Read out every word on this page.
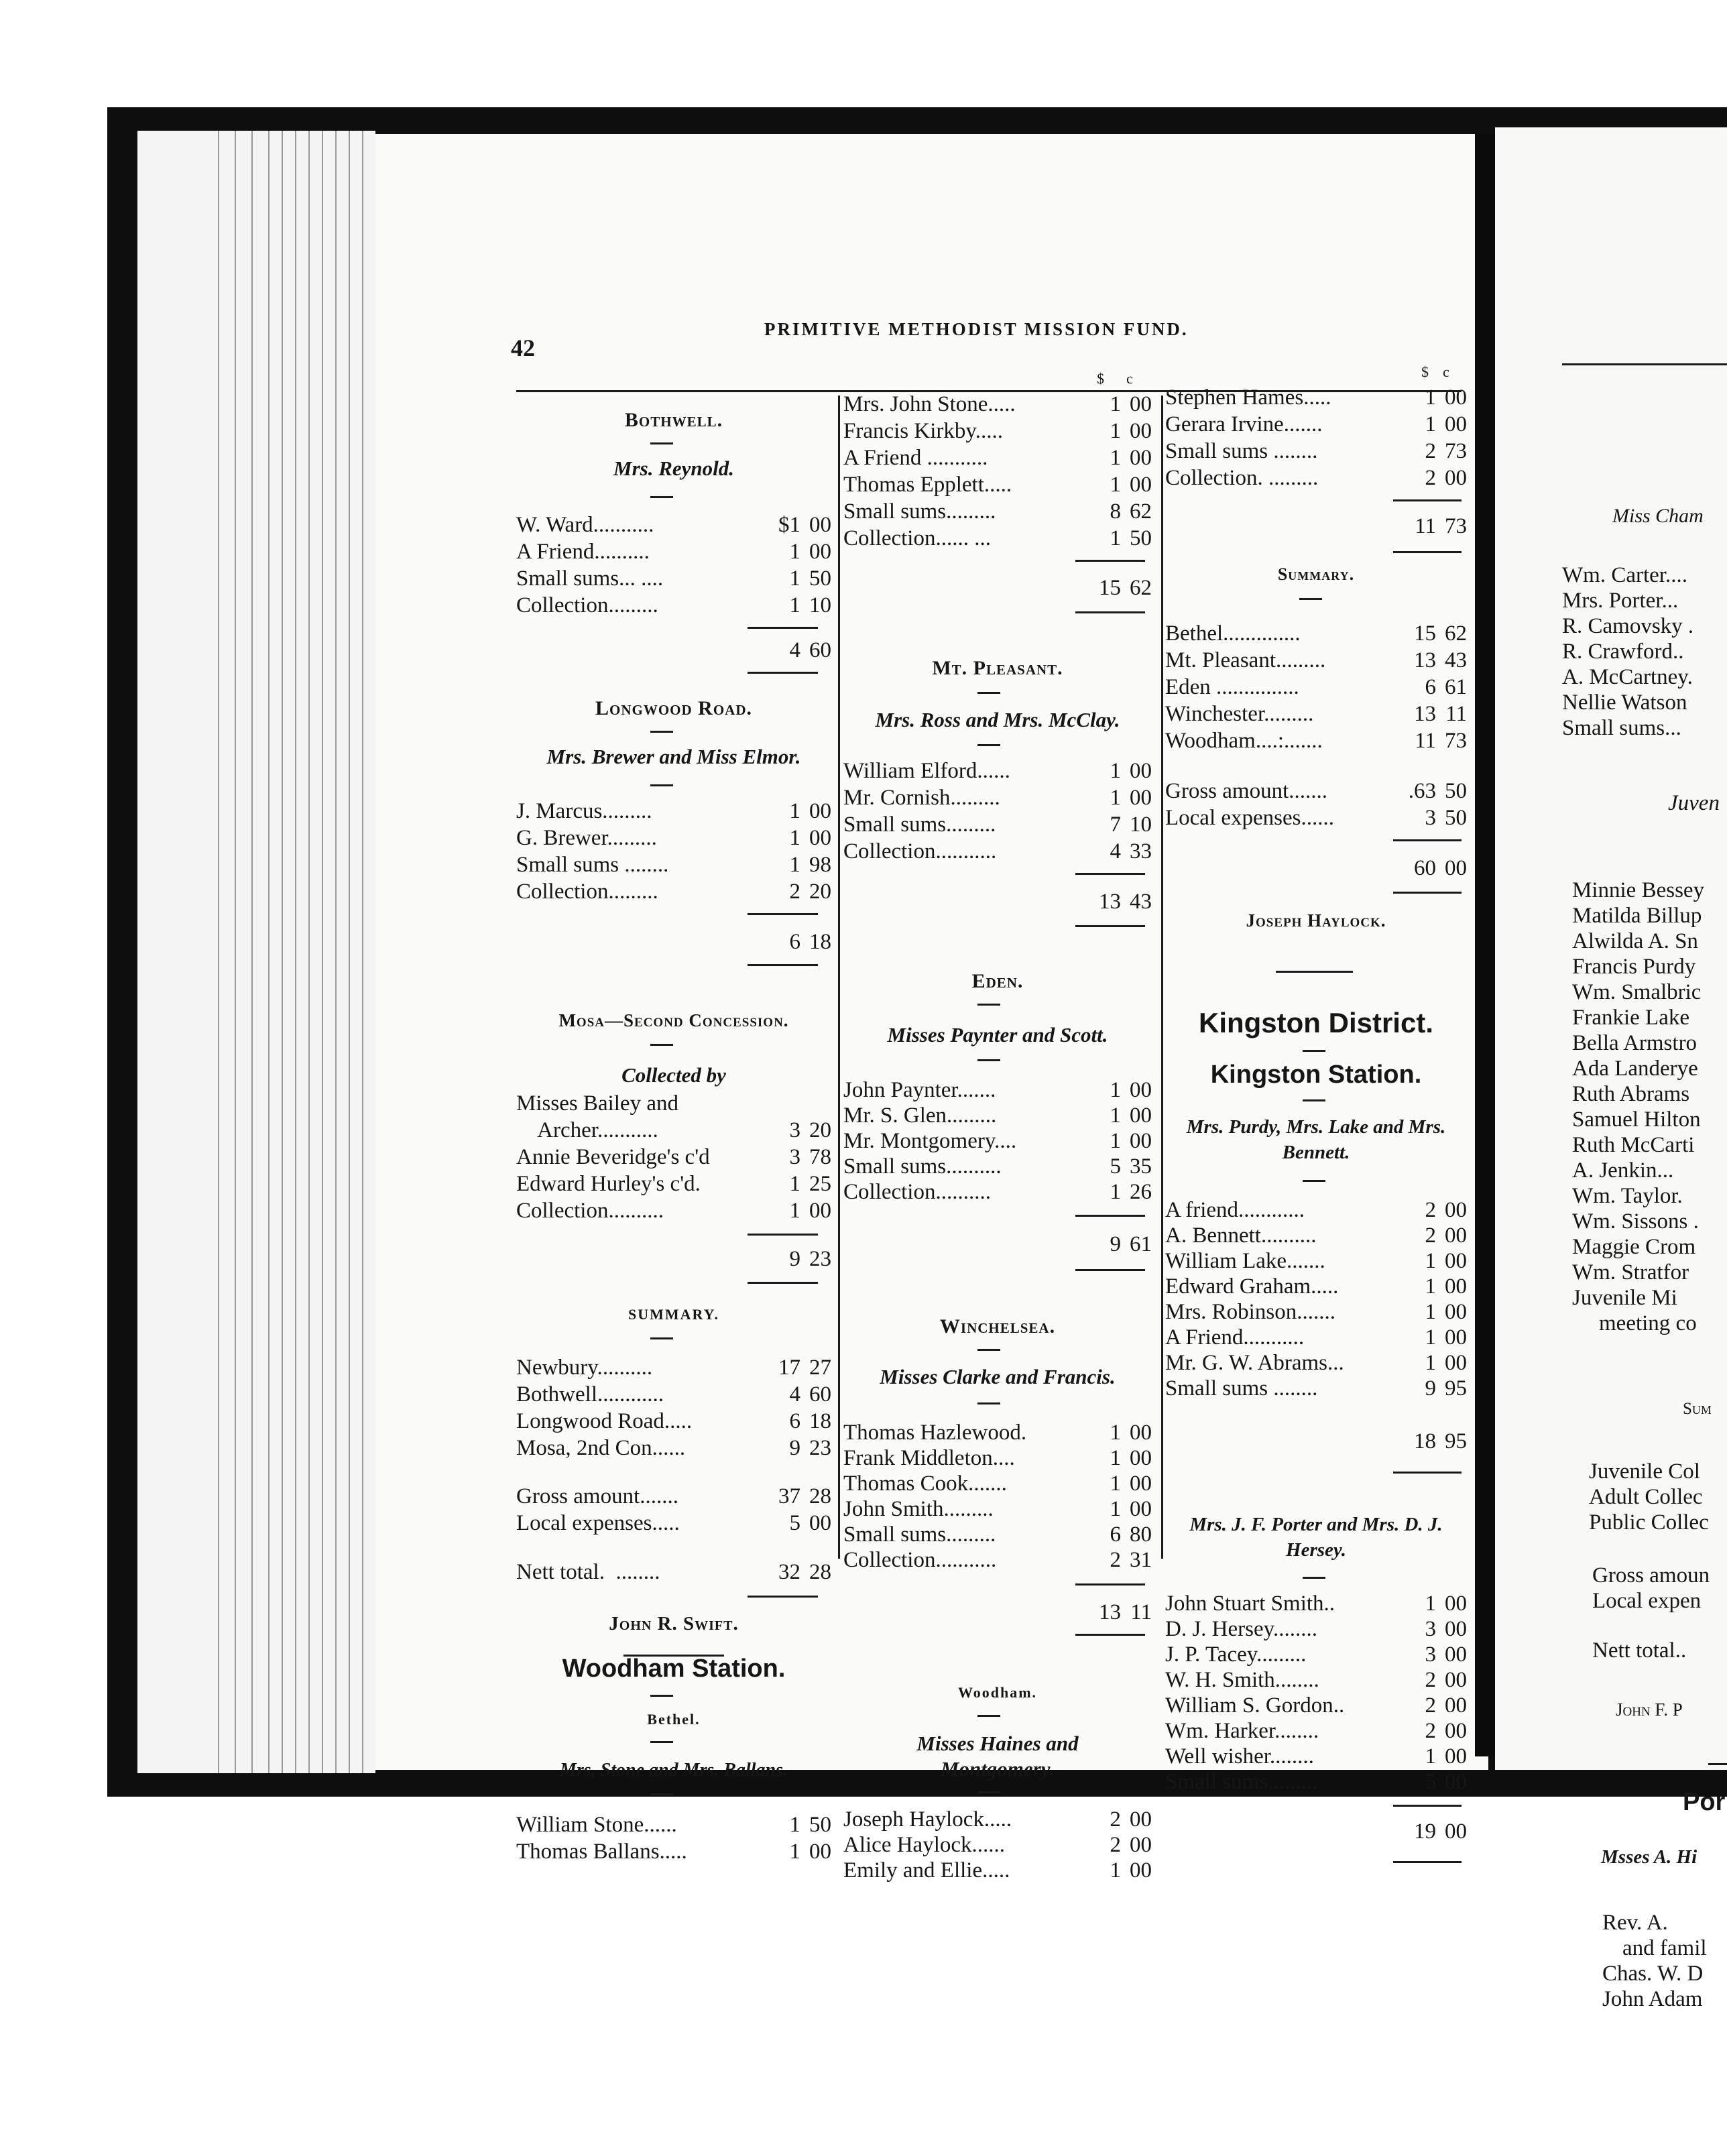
42
PRIMITIVE METHODIST MISSION FUND.
$ c	$ c
Bothwell.
Mrs. Reynold.
W. Ward...........	$1 00
A Friend..........	1 00
Small sums... ....	1 50
Collection.........	1 10
4 60
Longwood Road.
Mrs. Brewer and Miss Elmor.
J. Marcus.........	1 00
G. Brewer.........	1 00
Small sums ........	1 98
Collection.........	2 20
6 18
Mosa—Second Concession.
Collected by
Misses Bailey and
Archer...........	3 20
Annie Beveridge's c'd	3 78
Edward Hurley's c'd.	1 25
Collection..........	1 00
9 23
SUMMARY.
Newbury..........	17 27
Bothwell............	4 60
Longwood Road.....	6 18
Mosa, 2nd Con......	9 23
Gross amount.......	37 28
Local expenses.....	5 00
Nett total.  ........	32 28
John R. Swift.
Woodham Station.
Bethel.
Mrs. Stone and Mrs. Ballans.
William Stone......	1 50
Thomas Ballans.....	1 00
Mrs. John Stone.....	1 00
Francis Kirkby.....	1 00
A Friend ...........	1 00
Thomas Epplett.....	1 00
Small sums.........	8 62
Collection...... ...	1 50
15 62
Mt. Pleasant.
Mrs. Ross and Mrs. McClay.
William Elford......	1 00
Mr. Cornish.........	1 00
Small sums.........	7 10
Collection...........	4 33
13 43
Eden.
Misses Paynter and Scott.
John Paynter.......	1 00
Mr. S. Glen.........	1 00
Mr. Montgomery....	1 00
Small sums..........	5 35
Collection..........	1 26
9 61
Winchelsea.
Misses Clarke and Francis.
Thomas Hazlewood.	1 00
Frank Middleton....	1 00
Thomas Cook.......	1 00
John Smith.........	1 00
Small sums.........	6 80
Collection...........	2 31
13 11
Woodham.
Misses Haines and Montgomery.
Joseph Haylock.....	2 00
Alice Haylock......	2 00
Emily and Ellie.....	1 00
Stephen Hames.....	1 00
Gerara Irvine.......	1 00
Small sums ........	2 73
Collection. .........	2 00
11 73
Summary.
Bethel..............	15 62
Mt. Pleasant.........	13 43
Eden ...............	6 61
Winchester.........	13 11
Woodham....:.......	11 73
Gross amount.......	.63 50
Local expenses......	3 50
60 00
Joseph Haylock.
Kingston District.
Kingston Station.
Mrs. Purdy, Mrs. Lake and Mrs. Bennett.
A friend............	2 00
A. Bennett..........	2 00
William Lake.......	1 00
Edward Graham.....	1 00
Mrs. Robinson.......	1 00
A Friend...........	1 00
Mr. G. W. Abrams...	1 00
Small sums ........	9 95
18 95
Mrs. J. F. Porter and Mrs. D. J. Hersey.
John Stuart Smith..	1 00
D. J. Hersey........	3 00
J. P. Tacey.........	3 00
W. H. Smith........	2 00
William S. Gordon..	2 00
Wm. Harker........	2 00
Well wisher........	1 00
Small sums.........	5 00
19 00
Miss Cham
Wm. Carter....
Mrs. Porter...
R. Camovsky .
R. Crawford..
A. McCartney.
Nellie Watson
Small sums...
Juven
Minnie Bessey
Matilda Billup
Alwilda A. Sn
Francis Purdy
Wm. Smalbric
Frankie Lake
Bella Armstro
Ada Landerye
Ruth Abrams
Samuel Hilton
Ruth McCarti
A. Jenkin...
Wm. Taylor.
Wm. Sissons .
Maggie Crom
Wm. Stratfor
Juvenile Mi
meeting co
Sum
Juvenile Col
Adult Collec
Public Collec
Gross amoun
Local expen
Nett total..
John F. P
Por
Msses A. Hi
Rev. A.
and famil
Chas. W. D
John Adam
